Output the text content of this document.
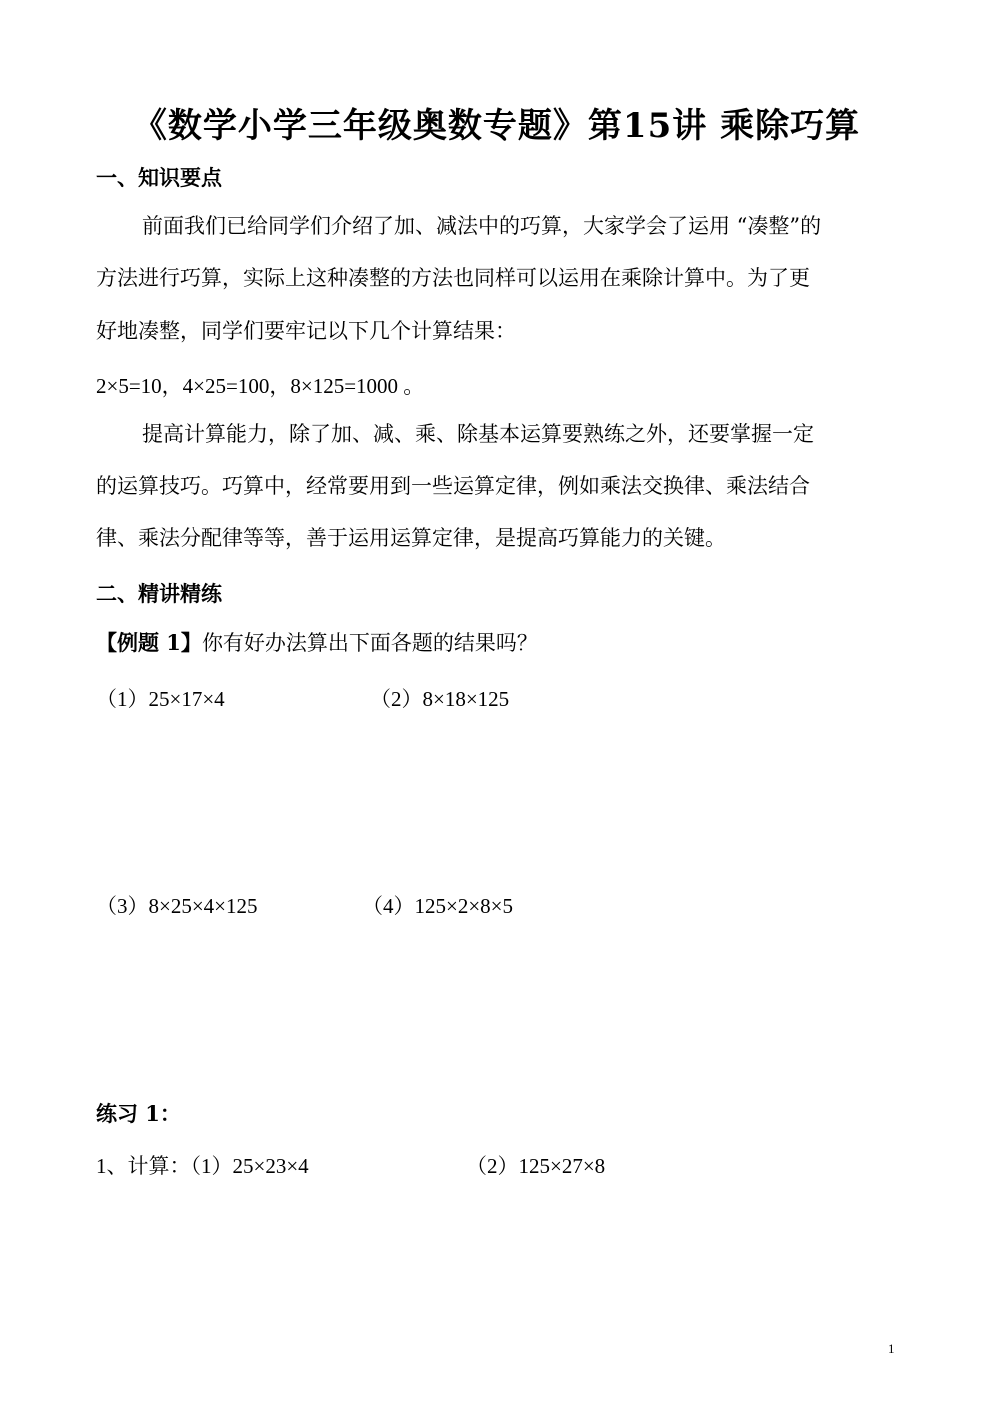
《数学小学三年级奥数专题》第15讲 乘除巧算
一、知识要点
前面我们已给同学们介绍了加、减法中的巧算，大家学会了运用 “凑整”的
方法进行巧算，实际上这种凑整的方法也同样可以运用在乘除计算中。为了更
好地凑整，同学们要牢记以下几个计算结果：
2×5=10，4×25=100，8×125=1000 。
提高计算能力，除了加、减、乘、除基本运算要熟练之外，还要掌握一定
的运算技巧。巧算中，经常要用到一些运算定律，例如乘法交换律、乘法结合
律、乘法分配律等等，善于运用运算定律，是提高巧算能力的关键。
二、精讲精练
【例题 1】你有好办法算出下面各题的结果吗？
（1）25×17×4	（2）8×18×125
（3）8×25×4×125	（4）125×2×8×5
练习 1：
1、计算：（1）25×23×4	（2）125×27×8
1
